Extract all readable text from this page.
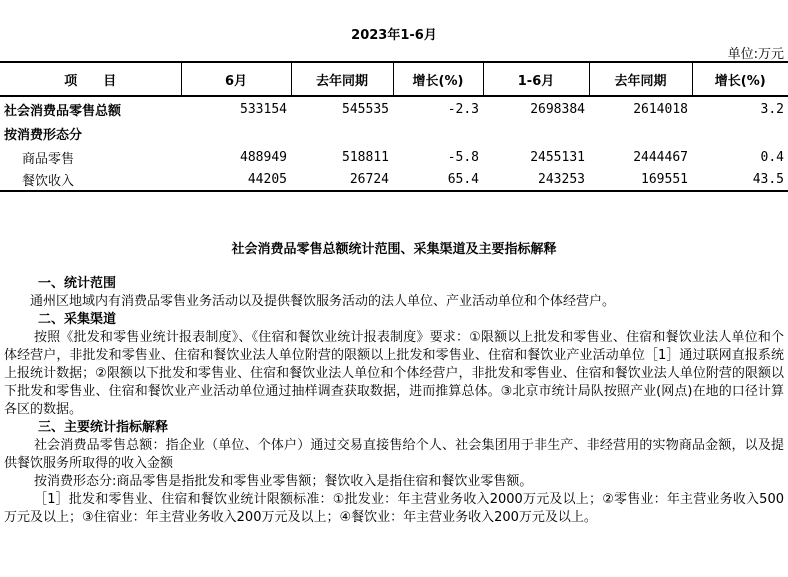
2023年1-6月
单位:万元
项　　目	6月	去年同期	增长(%)	1-6月	去年同期	增长(%)
社会消费品零售总额	533154	545535	-2.3	2698384	2614018	3.2
按消费形态分						
商品零售	488949	518811	-5.8	2455131	2444467	0.4
餐饮收入	44205	26724	65.4	243253	169551	43.5
社会消费品零售总额统计范围、采集渠道及主要指标解释

一、统计范围

通州区地域内有消费品零售业务活动以及提供餐饮服务活动的法人单位、产业活动单位和个体经营户。

二、采集渠道

按照《批发和零售业统计报表制度》、《住宿和餐饮业统计报表制度》要求：①限额以上批发和零售业、住宿和餐饮业法人单位和个体经营户，非批发和零售业、住宿和餐饮业法人单位附营的限额以上批发和零售业、住宿和餐饮业产业活动单位［1］通过联网直报系统上报统计数据；②限额以下批发和零售业、住宿和餐饮业法人单位和个体经营户，非批发和零售业、住宿和餐饮业法人单位附营的限额以下批发和零售业、住宿和餐饮业产业活动单位通过抽样调查获取数据，进而推算总体。③北京市统计局队按照产业(网点)在地的口径计算各区的数据。

三、主要统计指标解释

社会消费品零售总额：指企业（单位、个体户）通过交易直接售给个人、社会集团用于非生产、非经营用的实物商品金额，以及提供餐饮服务所取得的收入金额

按消费形态分:商品零售是指批发和零售业零售额；餐饮收入是指住宿和餐饮业零售额。

［1］批发和零售业、住宿和餐饮业统计限额标准：①批发业：年主营业务收入2000万元及以上；②零售业：年主营业务收入500万元及以上；③住宿业：年主营业务收入200万元及以上；④餐饮业：年主营业务收入200万元及以上。
